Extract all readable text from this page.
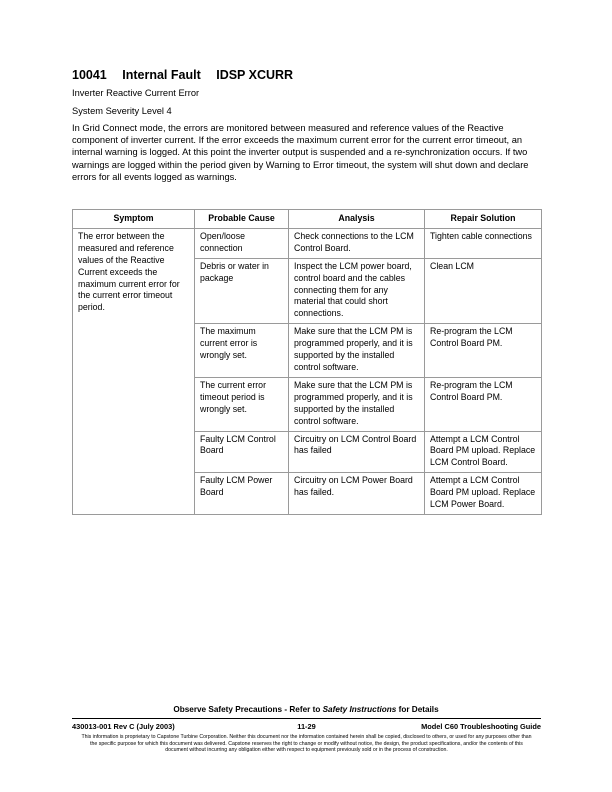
10041 Internal Fault IDSP XCURR

Inverter Reactive Current Error

System Severity Level 4

In Grid Connect mode, the errors are monitored between measured and reference values of the Reactive component of inverter current. If the error exceeds the maximum current error for the current error timeout, an internal warning is logged. At this point the inverter output is suspended and a re-synchronization occurs. If two warnings are logged within the period given by Warning to Error timeout, the system will shut down and declare errors for all events logged as warnings.

Symptom	Probable Cause	Analysis	Repair Solution
The error between the measured and reference values of the Reactive Current exceeds the maximum current error for the current error timeout period.	Open/loose connection	Check connections to the LCM Control Board.	Tighten cable connections
	Debris or water in package	Inspect the LCM power board, control board and the cables connecting them for any material that could short connections.	Clean LCM
	The maximum current error is wrongly set.	Make sure that the LCM PM is programmed properly, and it is supported by the installed control software.	Re-program the LCM Control Board PM.
	The current error timeout period is wrongly set.	Make sure that the LCM PM is programmed properly, and it is supported by the installed control software.	Re-program the LCM Control Board PM.
	Faulty LCM Control Board	Circuitry on LCM Control Board has failed	Attempt a LCM Control Board PM upload. Replace LCM Control Board.
	Faulty LCM Power Board	Circuitry on LCM Power Board has failed.	Attempt a LCM Control Board PM upload. Replace LCM Power Board.

Observe Safety Precautions - Refer to Safety Instructions for Details

430013-001 Rev C (July 2003)	11-29	Model C60 Troubleshooting Guide

This information is proprietary to Capstone Turbine Corporation. Neither this document nor the information contained herein shall be copied, disclosed to others, or used for any purposes other than the specific purpose for which this document was delivered. Capstone reserves the right to change or modify without notice, the design, the product specifications, and/or the contents of this document without incurring any obligation either with respect to equipment previously sold or in the process of construction.
